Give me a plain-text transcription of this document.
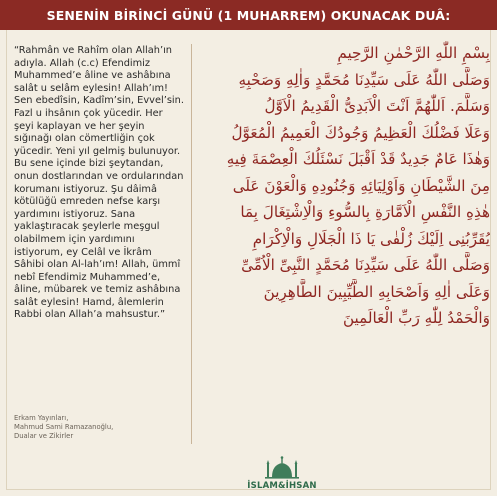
SENENİN BİRİNCİ GÜNÜ (1 MUHARREM) OKUNACAK DUÂ:

“Rahmân ve Rahîm olan Allah’ın adıyla. Allah (c.c) Efendimiz Muhammed’e âline ve ashâbına salât u selâm eylesin! Allah’ım! Sen ebedîsin, Kadîm’sin, Evvel’sin. Fazl u ihsânın çok yücedir. Her şeyi kaplayan ve her şeyin sığınağı olan cömertliğin çok yücedir. Yeni yıl gelmiş bulunuyor. Bu sene içinde bizi şeytandan, onun dostlarından ve ordularından korumanı istiyoruz. Şu dâimâ kötülüğü emreden nefse karşı yardımını istiyoruz. Sana yaklaştıracak şeylerle meşgul olabilmem için yardımını istiyorum, ey Celâl ve İkrâm Sâhibi olan Al-lah’ım! Allah, ümmî nebî Efendimiz Muhammed’e, âline, mübarek ve temiz ashâbına salât eylesin! Hamd, âlemlerin Rabbi olan Allah’a mahsustur.”

Erkam Yayınları,
Mahmud Sami Ramazanoğlu,
Dualar ve Zikirler
بِسْمِ اللّٰهِ الرَّحْمٰنِ الرَّحِيمِ
وَصَلَّى اللّٰهُ عَلَى سَيِّدِنَا مُحَمَّدٍ وَاٰلِهِ وَصَحْبِهِ
وَسَلَّمَ. اَللّٰهُمَّ اَنْتَ الْاَبَدِىُّ الْقَدِيمُ الْاَوَّلُ
وَعَلَا فَضْلُكَ الْعَظِيمُ وَجُودُكَ الْعَمِيمُ الْمُعَوَّلُ
وَهٰذَا عَامٌ جَدِيدٌ قَدْ اَقْبَلَ نَسْئَلُكَ الْعِصْمَةَ فِيهِ
مِنَ الشَّيْطَانِ وَاَوْلِيَائِهِ وَجُنُودِهِ وَالْعَوْنَ عَلَى
هٰذِهِ النَّفْسِ الْاَمَّارَةِ بِالسُّوءِ وَالْاِشْتِغَالَ بِمَا
يُقَرِّبُنِى اِلَيْكَ زُلْفٰى يَا ذَا الْجَلَالِ وَالْاِكْرَامِ
وَصَلَّى اللّٰهُ عَلَى سَيِّدِنَا مُحَمَّدٍ النَّبِىِّ الْاُمِّىِّ
وَعَلَى اٰلِهِ وَاَصْحَابِهِ الطَّيِّبِينَ الطَّاهِرِينَ
وَالْحَمْدُ لِلّٰهِ رَبِّ الْعَالَمِينَ
İSLAM&İHSAN
